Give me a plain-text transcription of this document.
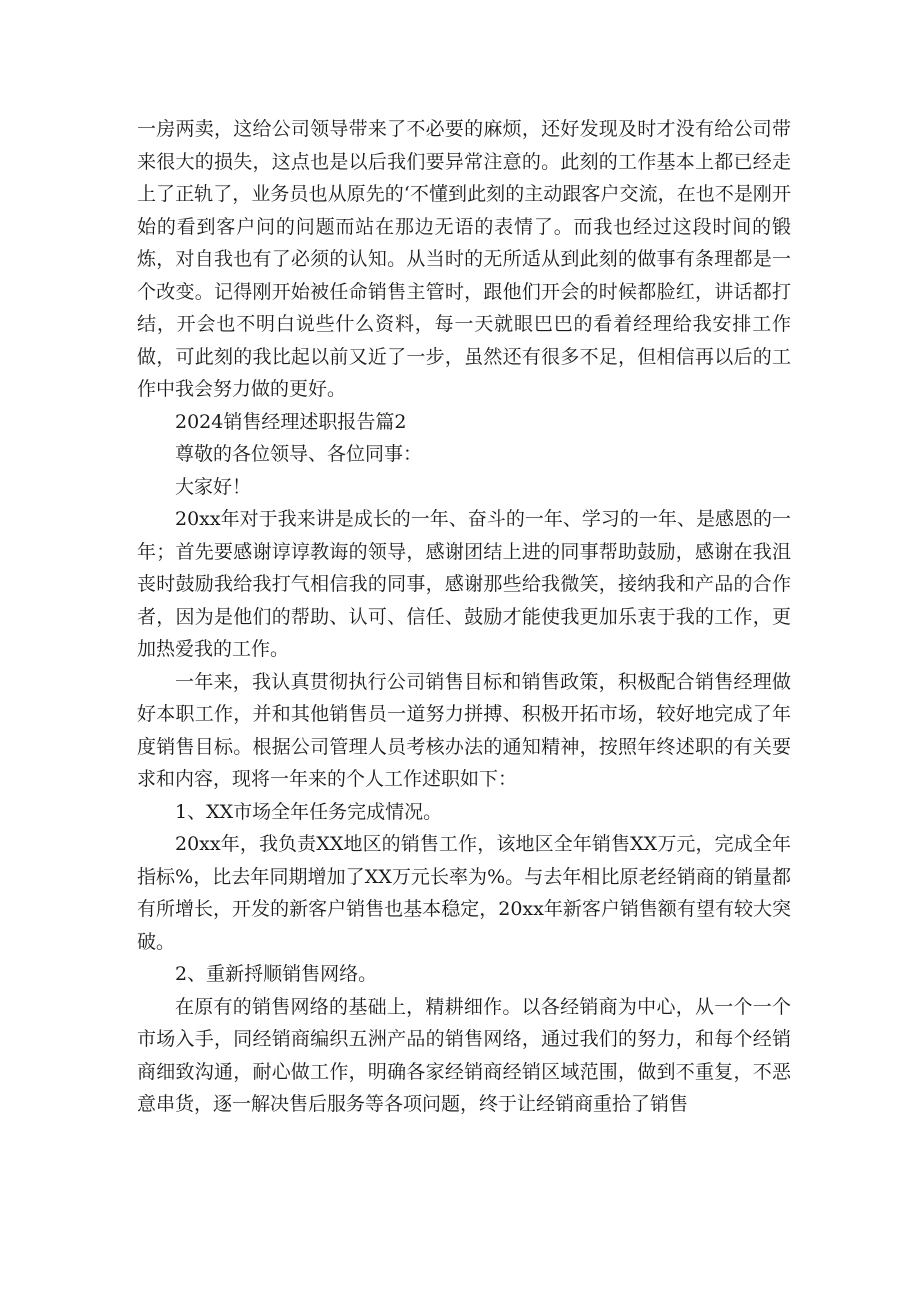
一房两卖，这给公司领导带来了不必要的麻烦，还好发现及时才没有给公司带来很大的损失，这点也是以后我们要异常注意的。此刻的工作基本上都已经走上了正轨了，业务员也从原先的‘不懂到此刻的主动跟客户交流，在也不是刚开始的看到客户问的问题而站在那边无语的表情了。而我也经过这段时间的锻炼，对自我也有了必须的认知。从当时的无所适从到此刻的做事有条理都是一个改变。记得刚开始被任命销售主管时，跟他们开会的时候都脸红，讲话都打结，开会也不明白说些什么资料，每一天就眼巴巴的看着经理给我安排工作做，可此刻的我比起以前又近了一步，虽然还有很多不足，但相信再以后的工作中我会努力做的更好。

2024销售经理述职报告篇2

尊敬的各位领导、各位同事：

大家好！

20xx年对于我来讲是成长的一年、奋斗的一年、学习的一年、是感恩的一年；首先要感谢谆谆教诲的领导，感谢团结上进的同事帮助鼓励，感谢在我沮丧时鼓励我给我打气相信我的同事，感谢那些给我微笑，接纳我和产品的合作者，因为是他们的帮助、认可、信任、鼓励才能使我更加乐衷于我的工作，更加热爱我的工作。

一年来，我认真贯彻执行公司销售目标和销售政策，积极配合销售经理做好本职工作，并和其他销售员一道努力拼搏、积极开拓市场，较好地完成了年度销售目标。根据公司管理人员考核办法的通知精神，按照年终述职的有关要求和内容，现将一年来的个人工作述职如下：

1、XX市场全年任务完成情况。

20xx年，我负责XX地区的销售工作，该地区全年销售XX万元，完成全年指标%，比去年同期增加了XX万元长率为%。与去年相比原老经销商的销量都有所增长，开发的新客户销售也基本稳定，20xx年新客户销售额有望有较大突破。

2、重新捋顺销售网络。

在原有的销售网络的基础上，精耕细作。以各经销商为中心，从一个一个市场入手，同经销商编织五洲产品的销售网络，通过我们的努力，和每个经销商细致沟通，耐心做工作，明确各家经销商经销区域范围，做到不重复，不恶意串货，逐一解决售后服务等各项问题，终于让经销商重拾了销售
